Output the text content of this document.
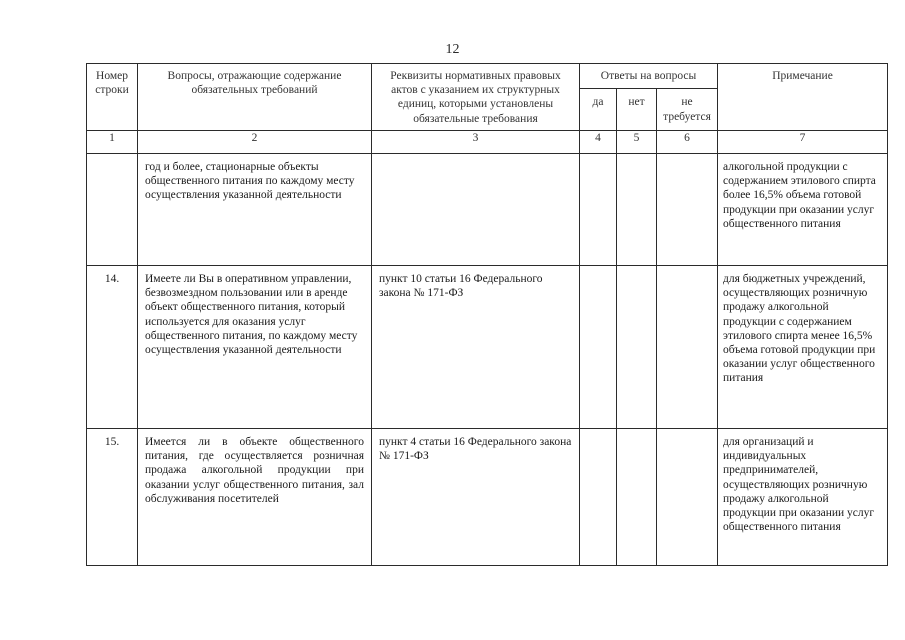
12
Номер строки	Вопросы, отражающие содержание обязательных требований	Реквизиты нормативных правовых актов с указанием их структурных единиц, которыми установлены обязательные требования	Ответы на вопросы			Примечание
			да	нет	не требуется	
1	2	3	4	5	6	7
	год и более, стационарные объекты общественного питания по каждому месту осуществления указанной деятельности					алкогольной продукции с содержанием этилового спирта более 16,5% объема готовой продукции при оказании услуг общественного питания
14.	Имеете ли Вы в оперативном управлении, безвозмездном пользовании или в аренде объект общественного питания, который используется для оказания услуг общественного питания, по каждому месту осуществления указанной деятельности	пункт 10 статьи 16 Федерального закона № 171-ФЗ				для бюджетных учреждений, осуществляющих розничную продажу алкогольной продукции с содержанием этилового спирта менее 16,5% объема готовой продукции при оказании услуг общественного питания
15.	Имеется ли в объекте общественного питания, где осуществляется розничная продажа алкогольной продукции при оказании услуг общественного питания, зал обслуживания посетителей	пункт 4 статьи 16 Федерального закона № 171-ФЗ				для организаций и индивидуальных предпринимателей, осуществляющих розничную продажу алкогольной продукции при оказании услуг общественного питания
